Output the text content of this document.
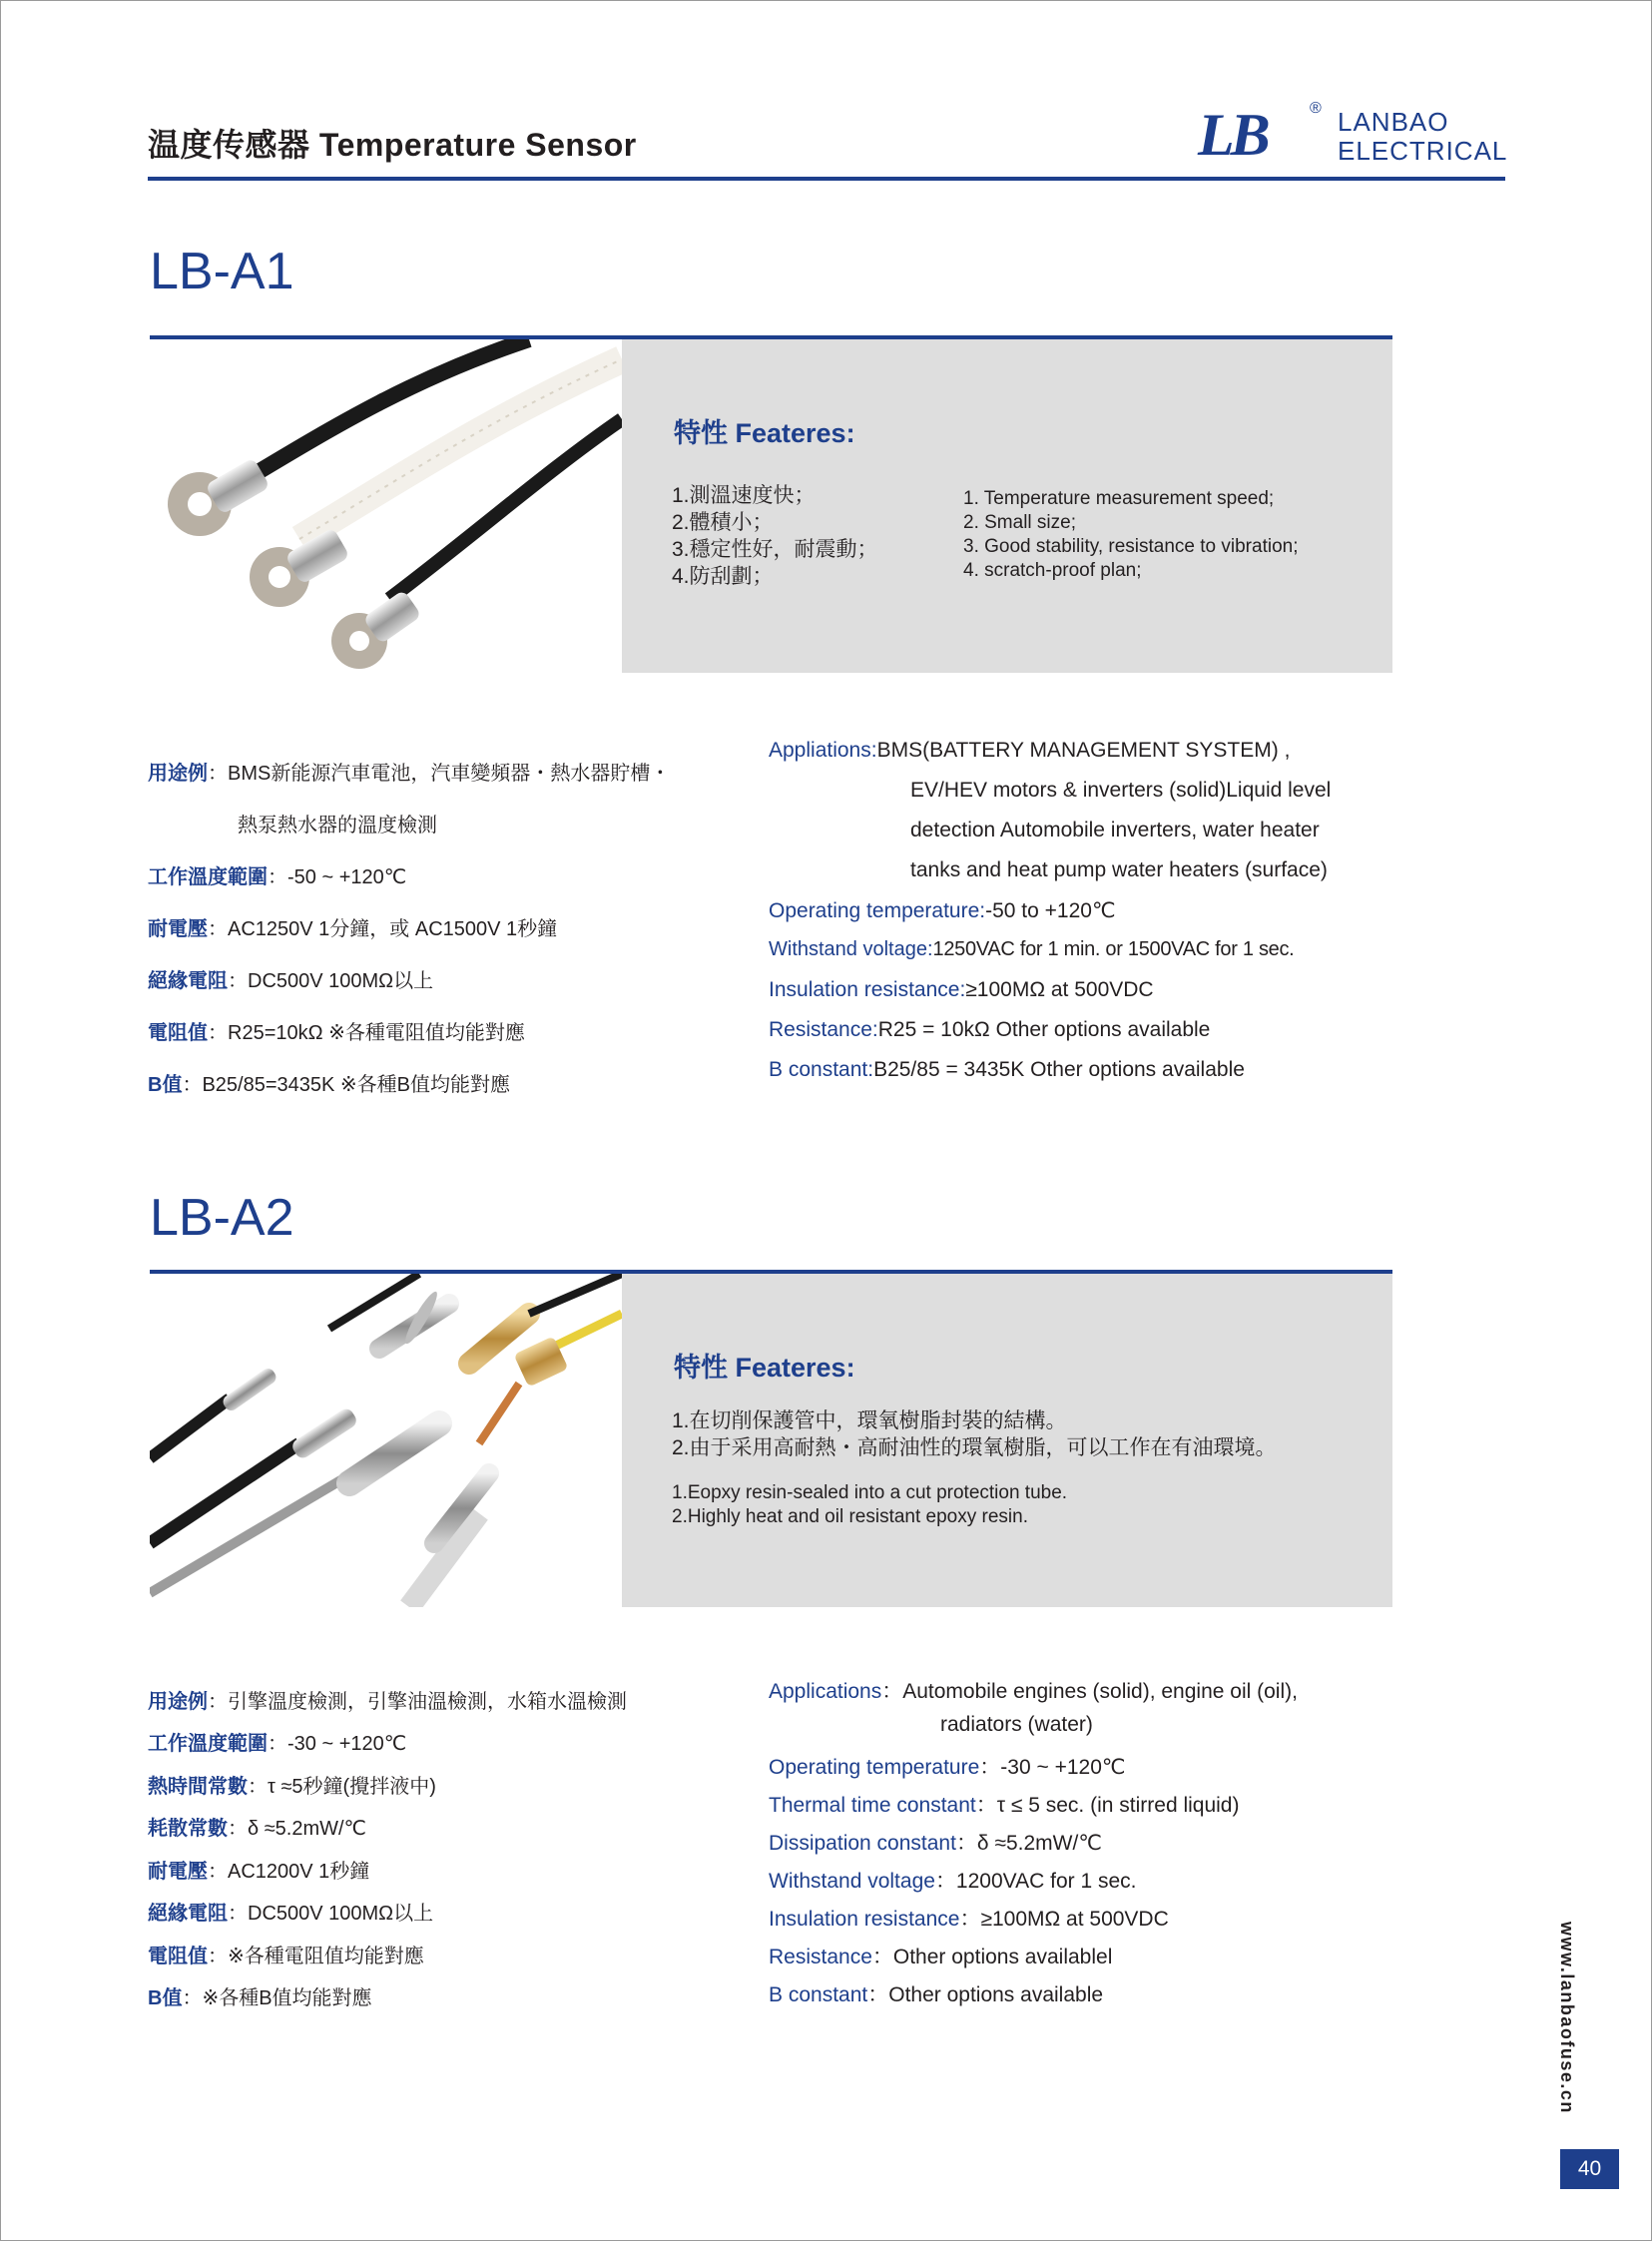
温度传感器 Temperature Sensor	LB	® LANBAO
ELECTRICAL
LB-A1
特性 Feateres:
1.測溫速度快；
2.體積小；
3.穩定性好，耐震動；
4.防刮劃；
1. Temperature measurement speed;
2. Small size;
3. Good stability, resistance to vibration;
4. scratch-proof plan;
用途例：BMS新能源汽車電池，汽車變頻器・熱水器貯槽・
熱泵熱水器的溫度檢測
工作溫度範圍：-50 ~ +120℃
耐電壓：AC1250V 1分鐘，或 AC1500V 1秒鐘
絕緣電阻：DC500V 100MΩ以上
電阻值：R25=10kΩ ※各種電阻值均能對應
B值：B25/85=3435K ※各種B值均能對應
Appliations:BMS(BATTERY MANAGEMENT SYSTEM) ,
EV/HEV motors & inverters (solid)Liquid level
detection Automobile inverters, water heater
tanks and heat pump water heaters (surface)
Operating temperature:-50 to +120℃
Withstand voltage:1250VAC for 1 min. or 1500VAC for 1 sec.
Insulation resistance:≥100MΩ at 500VDC
Resistance:R25 = 10kΩ Other options available
B constant:B25/85 = 3435K Other options available
LB-A2
特性 Feateres:
1.在切削保護管中，環氧樹脂封裝的結構。
2.由于采用高耐熱・高耐油性的環氧樹脂，可以工作在有油環境。
1.Eopxy resin-sealed into a cut protection tube.
2.Highly heat and oil resistant epoxy resin.
用途例：引擎溫度檢測，引擎油溫檢測，水箱水溫檢測
工作溫度範圍：-30 ~ +120℃
熱時間常數：τ ≈5秒鐘(攪拌液中)
耗散常數：δ ≈5.2mW/℃
耐電壓：AC1200V 1秒鐘
絕緣電阻：DC500V 100MΩ以上
電阻值：※各種電阻值均能對應
B值：※各種B值均能對應
Applications：Automobile engines (solid), engine oil (oil),
radiators (water)
Operating temperature：-30 ~ +120℃
Thermal time constant：τ ≤ 5 sec. (in stirred liquid)
Dissipation constant：δ ≈5.2mW/℃
Withstand voltage：1200VAC for 1 sec.
Insulation resistance：≥100MΩ at 500VDC
Resistance：Other options availablel
B constant：Other options available	www.lanbaofuse.cn
40
